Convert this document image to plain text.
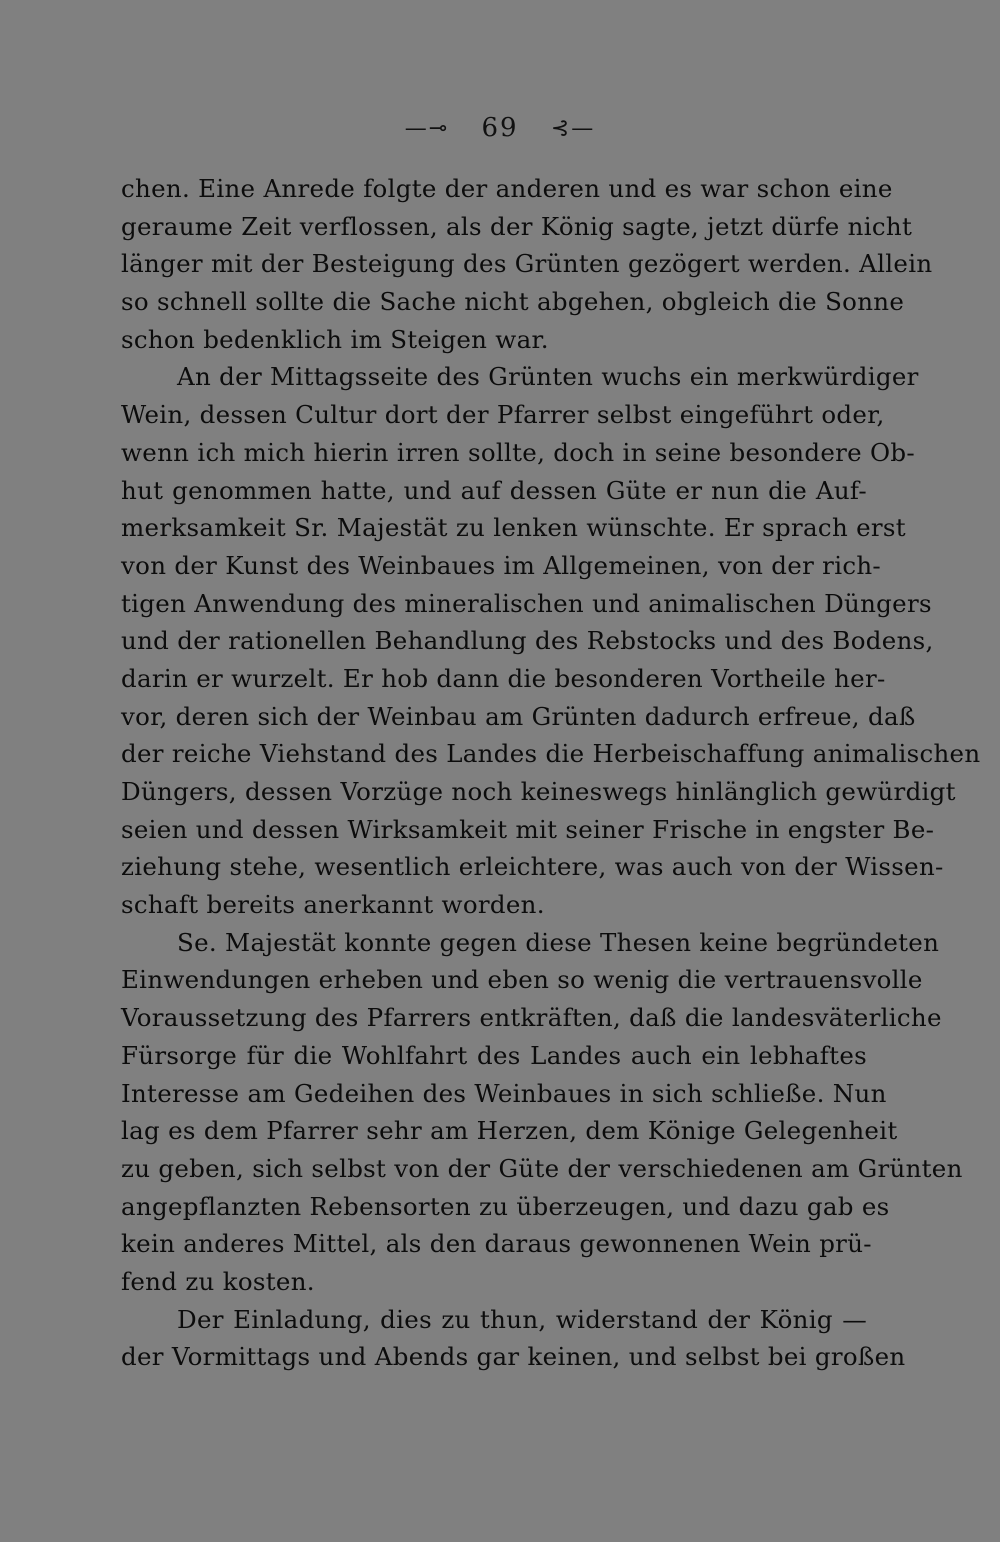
—⊸ 69 ⊰—
chen. Eine Anrede folgte der anderen und es war schon eine
geraume Zeit verflossen, als der König sagte, jetzt dürfe nicht
länger mit der Besteigung des Grünten gezögert werden. Allein
so schnell sollte die Sache nicht abgehen, obgleich die Sonne
schon bedenklich im Steigen war.
An der Mittagsseite des Grünten wuchs ein merkwürdiger
Wein, dessen Cultur dort der Pfarrer selbst eingeführt oder,
wenn ich mich hierin irren sollte, doch in seine besondere Ob-
hut genommen hatte, und auf dessen Güte er nun die Auf-
merksamkeit Sr. Majestät zu lenken wünschte. Er sprach erst
von der Kunst des Weinbaues im Allgemeinen, von der rich-
tigen Anwendung des mineralischen und animalischen Düngers
und der rationellen Behandlung des Rebstocks und des Bodens,
darin er wurzelt. Er hob dann die besonderen Vortheile her-
vor, deren sich der Weinbau am Grünten dadurch erfreue, daß
der reiche Viehstand des Landes die Herbeischaffung animalischen
Düngers, dessen Vorzüge noch keineswegs hinlänglich gewürdigt
seien und dessen Wirksamkeit mit seiner Frische in engster Be-
ziehung stehe, wesentlich erleichtere, was auch von der Wissen-
schaft bereits anerkannt worden.
Se. Majestät konnte gegen diese Thesen keine begründeten
Einwendungen erheben und eben so wenig die vertrauensvolle
Voraussetzung des Pfarrers entkräften, daß die landesväterliche
Fürsorge für die Wohlfahrt des Landes auch ein lebhaftes
Interesse am Gedeihen des Weinbaues in sich schließe. Nun
lag es dem Pfarrer sehr am Herzen, dem Könige Gelegenheit
zu geben, sich selbst von der Güte der verschiedenen am Grünten
angepflanzten Rebensorten zu überzeugen, und dazu gab es
kein anderes Mittel, als den daraus gewonnenen Wein prü-
fend zu kosten.
Der Einladung, dies zu thun, widerstand der König —
der Vormittags und Abends gar keinen, und selbst bei großen
